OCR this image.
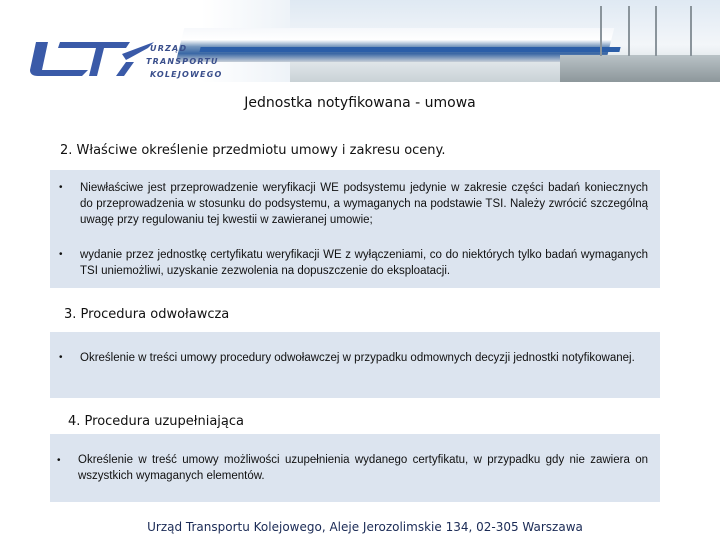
URZĄD
TRANSPORTU
KOLEJOWEGO
Jednostka notyfikowana - umowa
2. Właściwe określenie przedmiotu umowy i zakresu oceny.
• Niewłaściwe jest przeprowadzenie weryfikacji WE podsystemu jedynie w zakresie części badań koniecznych do przeprowadzenia w stosunku do podsystemu, a wymaganych na podstawie TSI. Należy zwrócić szczególną uwagę przy regulowaniu tej kwestii w zawieranej umowie;
• wydanie przez jednostkę certyfikatu weryfikacji WE z wyłączeniami, co do niektórych tylko badań wymaganych TSI uniemożliwi, uzyskanie zezwolenia na dopuszczenie do eksploatacji.
3. Procedura odwoławcza
• Określenie w treści umowy procedury odwoławczej w przypadku odmownych decyzji jednostki notyfikowanej.
4. Procedura uzupełniająca
• Określenie w treść umowy możliwości uzupełnienia wydanego certyfikatu, w przypadku gdy nie zawiera on wszystkich wymaganych elementów.
Urząd Transportu Kolejowego, Aleje Jerozolimskie 134, 02-305 Warszawa
